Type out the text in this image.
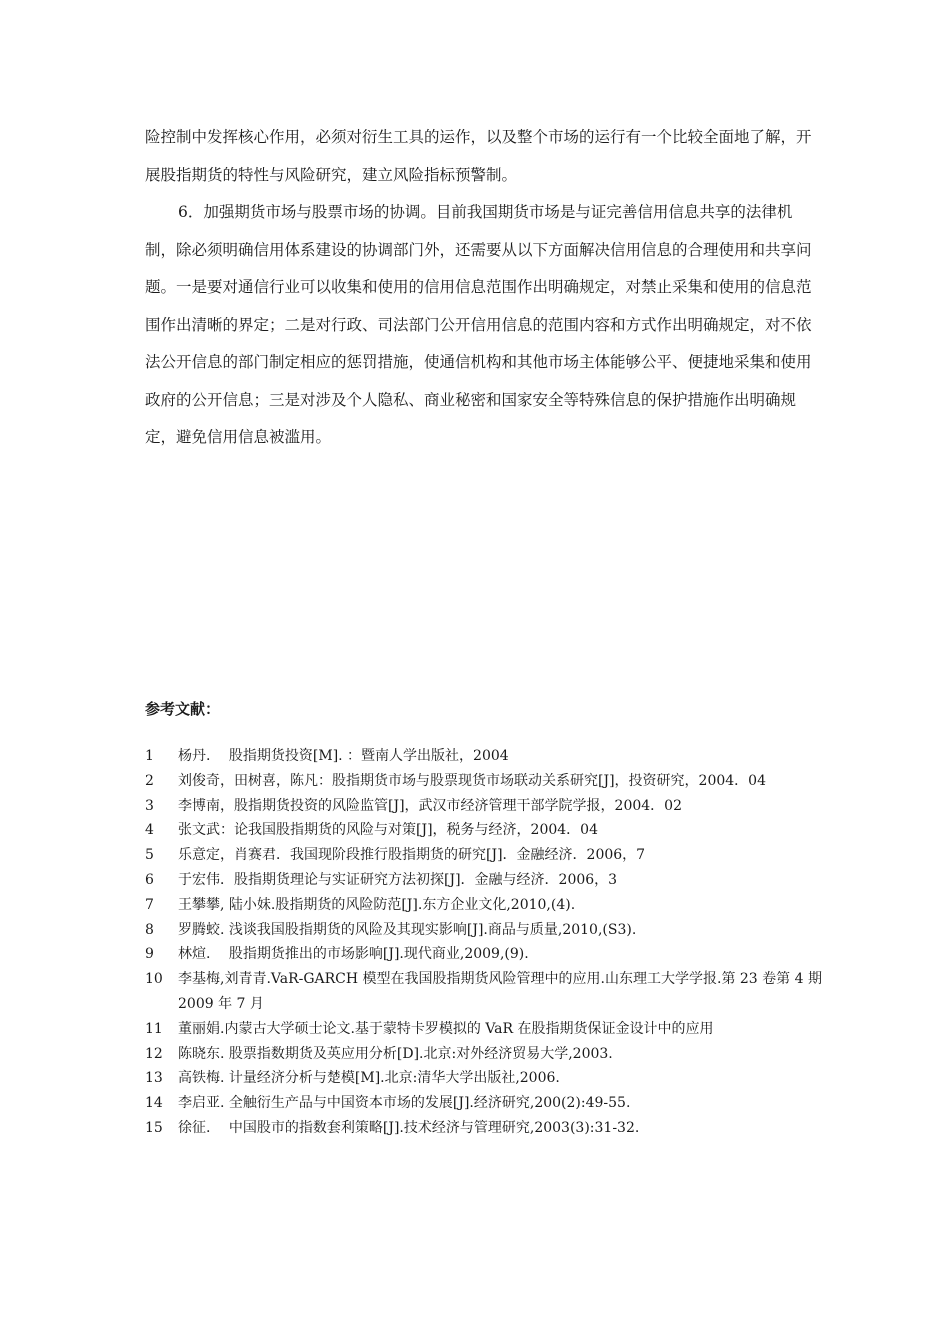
险控制中发挥核心作用，必须对衍生工具的运作，以及整个市场的运行有一个比较全面地了解，开展股指期货的特性与风险研究，建立风险指标预警制。

6．加强期货市场与股票市场的协调。目前我国期货市场是与证完善信用信息共享的法律机制，除必须明确信用体系建设的协调部门外，还需要从以下方面解决信用信息的合理使用和共享问题。一是要对通信行业可以收集和使用的信用信息范围作出明确规定，对禁止采集和使用的信息范围作出清晰的界定；二是对行政、司法部门公开信用信息的范围内容和方式作出明确规定，对不依法公开信息的部门制定相应的惩罚措施，使通信机构和其他市场主体能够公平、便捷地采集和使用政府的公开信息；三是对涉及个人隐私、商业秘密和国家安全等特殊信息的保护措施作出明确规定，避免信用信息被滥用。

参考文献：

1 杨丹.　 股指期货投资[M]. ：暨南人学出版社，2004
2 刘俊奇，田树喜，陈凡：股指期货市场与股票现货市场联动关系研究[J]，投资研究，2004．04
3 李博南，股指期货投资的风险监管[J]，武汉市经济管理干部学院学报，2004．02
4 张文武：论我国股指期货的风险与对策[J]，税务与经济，2004．04
5 乐意定，肖赛君．我国现阶段推行股指期货的研究[J]．金融经济．2006，7
6 于宏伟．股指期货理论与实证研究方法初探[J]．金融与经济．2006，3
7 王攀攀, 陆小妹.股指期货的风险防范[J].东方企业文化,2010,(4).
8 罗腾蛟. 浅谈我国股指期货的风险及其现实影响[J].商品与质量,2010,(S3).
9 林煊.　 股指期货推出的市场影响[J].现代商业,2009,(9).
10 李基梅,刘青青.VaR-GARCH 模型在我国股指期货风险管理中的应用.山东理工大学学报.第 23 卷第 4 期 2009 年 7 月
11 董丽娟.内蒙古大学硕士论文.基于蒙特卡罗模拟的 VaR 在股指期货保证金设计中的应用
12 陈晓东. 股票指数期货及英应用分析[D].北京:对外经济贸易大学,2003.
13 高铁梅. 计量经济分析与楚模[M].北京:清华大学出版社,2006.
14 李启亚. 全触衍生产品与中国资本市场的发展[J].经济研究,200(2):49-55.
15 徐征.　 中国股市的指数套利策略[J].技术经济与管理研究,2003(3):31-32.
